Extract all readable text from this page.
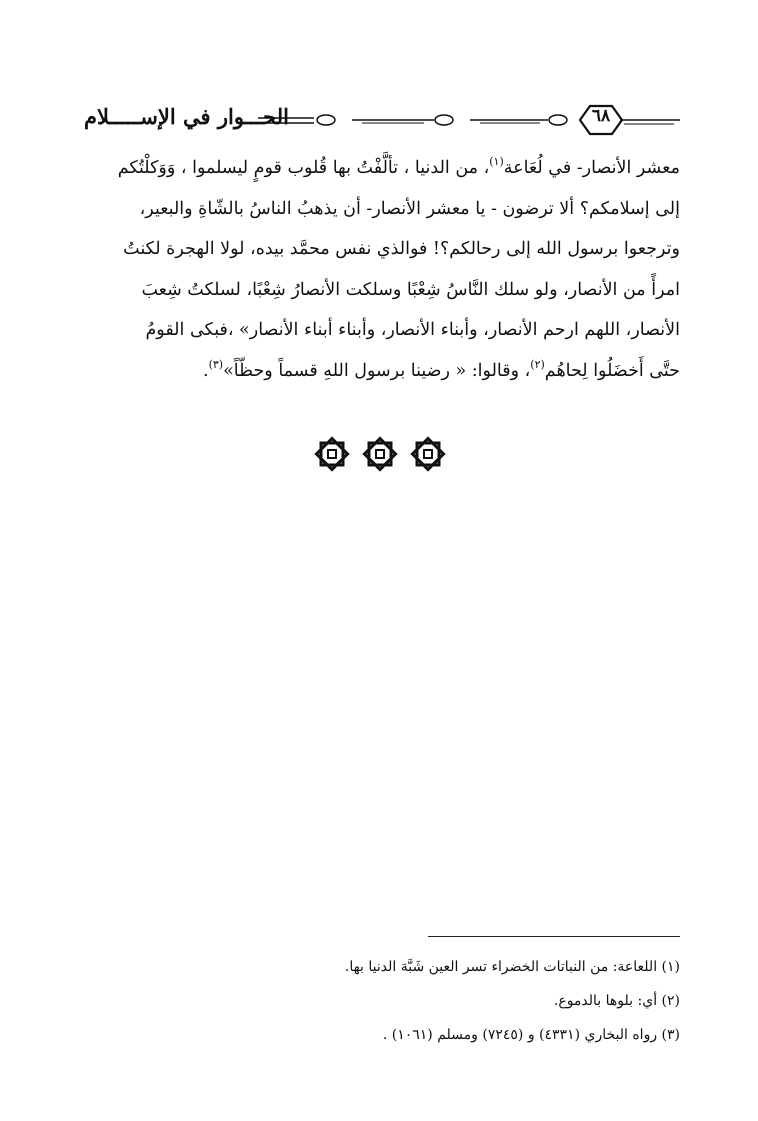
٦٨
الحـــوار في الإســـــلام

معشر الأنصار- في لُعَاعة$^{(١)}$، من الدنيا ، تألَّفْتُ بها قُلوب قومٍ ليسلموا ، وَوَكلْتُكم

إلى إسلامكم؟ ألا ترضون - يا معشر الأنصار- أن يذهبُ الناسُ بالشّاةِ والبعير،

وترجعوا برسول الله إلى رحالكم؟! فوالذي نفس محمَّد بيده، لولا الهجرة لكنتُ

امرأً من الأنصار، ولو سلك النَّاسُ شِعْبًا وسلكت الأنصارُ شِعْبًا، لسلكتُ شِعبَ

الأنصار، اللهم ارحم الأنصار، وأبناء الأنصار، وأبناء أبناء الأنصار» ،فبكى القومُ

حتَّى أَخضَلُوا لِحاهُم$^{(٢)}$، وقالوا: « رضينا برسول اللهِ قسماً وحظّاً»$^{(٣)}$.

(١) اللعاعة: من النباتات الخضراء تسر العين شَبَّهَ الدنيا بها.
(٢) أي: بلوها بالدموع.
(٣) رواه البخاري (٤٣٣١) و (٧٢٤٥) ومسلم (١٠٦١) .
